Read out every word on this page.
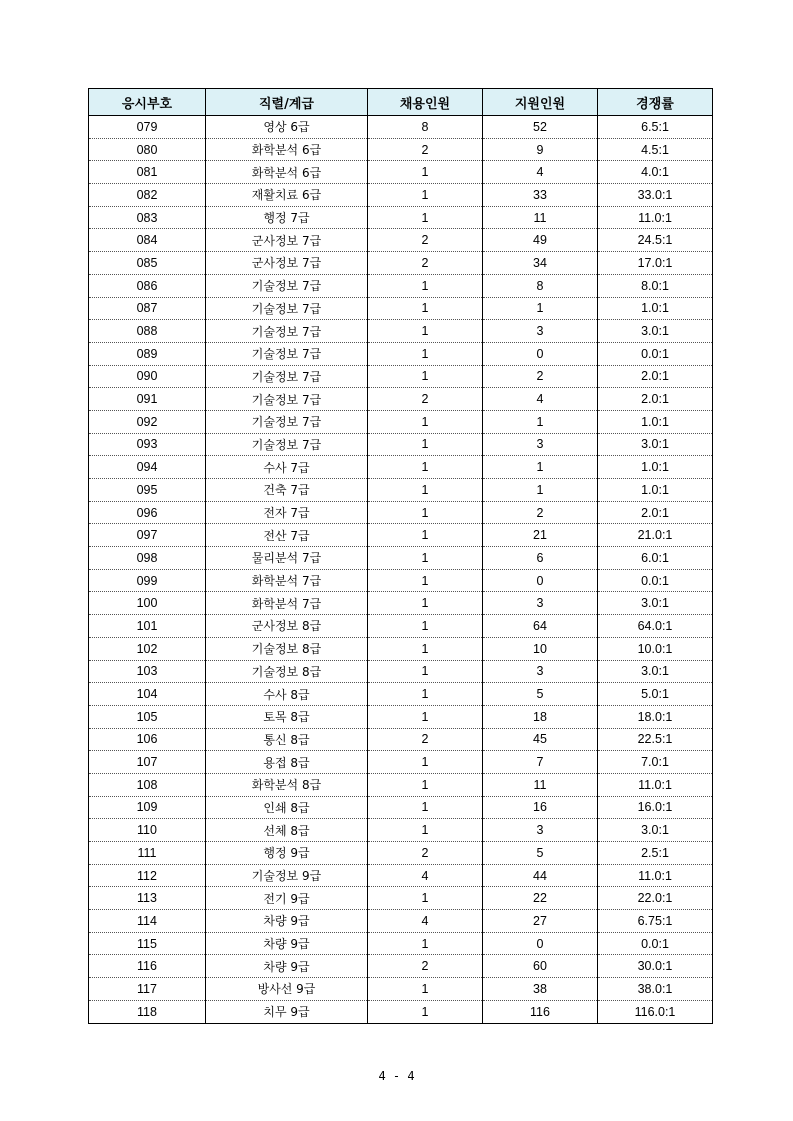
응시부호	직렬/계급	채용인원	지원인원	경쟁률
079	영상 6급	8	52	6.5:1
080	화학분석 6급	2	9	4.5:1
081	화학분석 6급	1	4	4.0:1
082	재활치료 6급	1	33	33.0:1
083	행정 7급	1	11	11.0:1
084	군사정보 7급	2	49	24.5:1
085	군사정보 7급	2	34	17.0:1
086	기술정보 7급	1	8	8.0:1
087	기술정보 7급	1	1	1.0:1
088	기술정보 7급	1	3	3.0:1
089	기술정보 7급	1	0	0.0:1
090	기술정보 7급	1	2	2.0:1
091	기술정보 7급	2	4	2.0:1
092	기술정보 7급	1	1	1.0:1
093	기술정보 7급	1	3	3.0:1
094	수사 7급	1	1	1.0:1
095	건축 7급	1	1	1.0:1
096	전자 7급	1	2	2.0:1
097	전산 7급	1	21	21.0:1
098	물리분석 7급	1	6	6.0:1
099	화학분석 7급	1	0	0.0:1
100	화학분석 7급	1	3	3.0:1
101	군사정보 8급	1	64	64.0:1
102	기술정보 8급	1	10	10.0:1
103	기술정보 8급	1	3	3.0:1
104	수사 8급	1	5	5.0:1
105	토목 8급	1	18	18.0:1
106	통신 8급	2	45	22.5:1
107	용접 8급	1	7	7.0:1
108	화학분석 8급	1	11	11.0:1
109	인쇄 8급	1	16	16.0:1
110	선체 8급	1	3	3.0:1
111	행정 9급	2	5	2.5:1
112	기술정보 9급	4	44	11.0:1
113	전기 9급	1	22	22.0:1
114	차량 9급	4	27	6.75:1
115	차량 9급	1	0	0.0:1
116	차량 9급	2	60	30.0:1
117	방사선 9급	1	38	38.0:1
118	치무 9급	1	116	116.0:1
4 - 4
